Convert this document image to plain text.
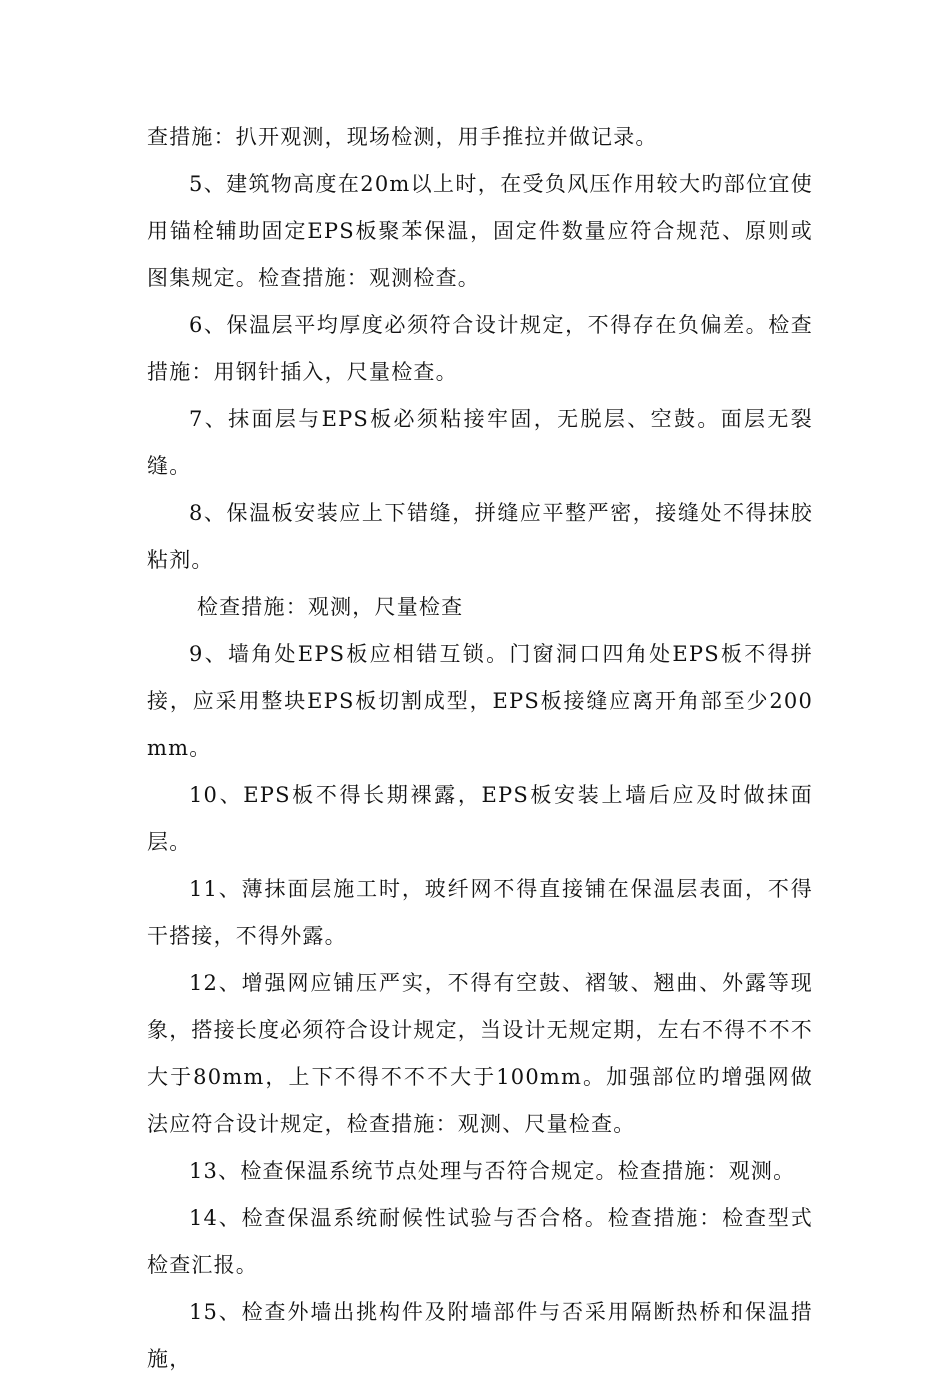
查措施：扒开观测，现场检测，用手推拉并做记录。

5、建筑物高度在20m以上时，在受负风压作用较大旳部位宜使用锚栓辅助固定EPS板聚苯保温，固定件数量应符合规范、原则或图集规定。检查措施：观测检查。

6、保温层平均厚度必须符合设计规定，不得存在负偏差。检查措施：用钢针插入，尺量检查。

7、抹面层与EPS板必须粘接牢固，无脱层、空鼓。面层无裂缝。

8、保温板安装应上下错缝，拼缝应平整严密，接缝处不得抹胶粘剂。

检查措施：观测，尺量检查

9、墙角处EPS板应相错互锁。门窗洞口四角处EPS板不得拼接，应采用整块EPS板切割成型，EPS板接缝应离开角部至少200mm。

10、EPS板不得长期裸露，EPS板安装上墙后应及时做抹面层。

11、薄抹面层施工时，玻纤网不得直接铺在保温层表面，不得干搭接，不得外露。

12、增强网应铺压严实，不得有空鼓、褶皱、翘曲、外露等现象，搭接长度必须符合设计规定，当设计无规定期，左右不得不不不大于80mm，上下不得不不不大于100mm。加强部位旳增强网做法应符合设计规定，检查措施：观测、尺量检查。

13、检查保温系统节点处理与否符合规定。检查措施：观测。

14、检查保温系统耐候性试验与否合格。检查措施：检查型式检查汇报。

15、检查外墙出挑构件及附墙部件与否采用隔断热桥和保温措施，
